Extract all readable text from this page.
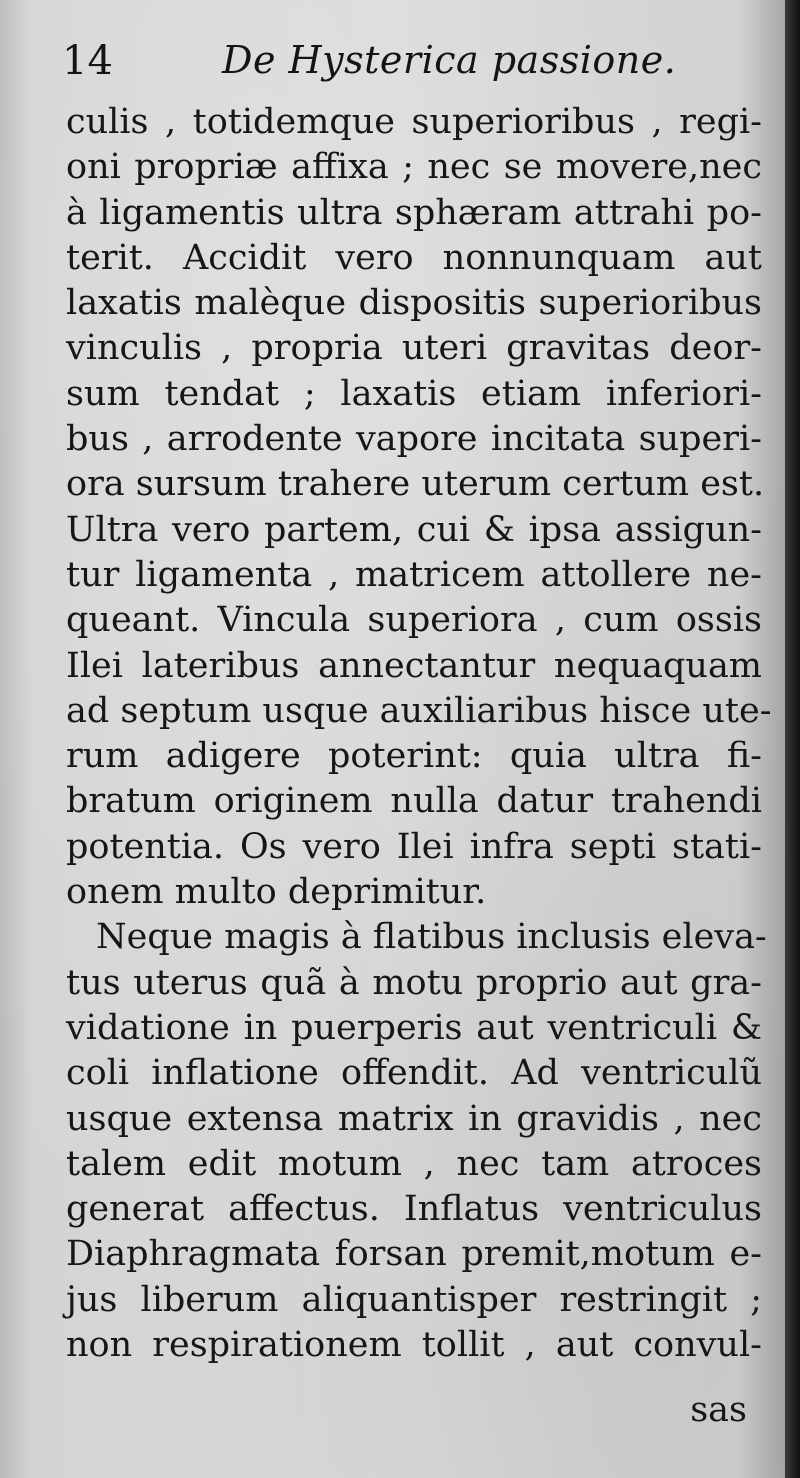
14	De Hysterica passione.
culis , totidemque superioribus , regi-
oni propriæ affixa ; nec se movere,nec
à ligamentis ultra sphæram attrahi po-
terit. Accidit vero nonnunquam aut
laxatis malèque dispositis superioribus
vinculis , propria uteri gravitas deor-
sum tendat ; laxatis etiam inferiori-
bus , arrodente vapore incitata superi-
ora sursum trahere uterum certum est.
Ultra vero partem, cui & ipsa assigun-
tur ligamenta , matricem attollere ne-
queant. Vincula superiora , cum ossis
Ilei lateribus annectantur nequaquam
ad septum usque auxiliaribus hisce ute-
rum adigere poterint: quia ultra fi-
bratum originem nulla datur trahendi
potentia. Os vero Ilei infra septi stati-
onem multo deprimitur.
Neque magis à flatibus inclusis eleva-
tus uterus quã à motu proprio aut gra-
vidatione in puerperis aut ventriculi &
coli inflatione offendit. Ad ventriculũ
usque extensa matrix in gravidis , nec
talem edit motum , nec tam atroces
generat affectus. Inflatus ventriculus
Diaphragmata forsan premit,motum e-
jus liberum aliquantisper restringit ;
non respirationem tollit , aut convul-
sas
